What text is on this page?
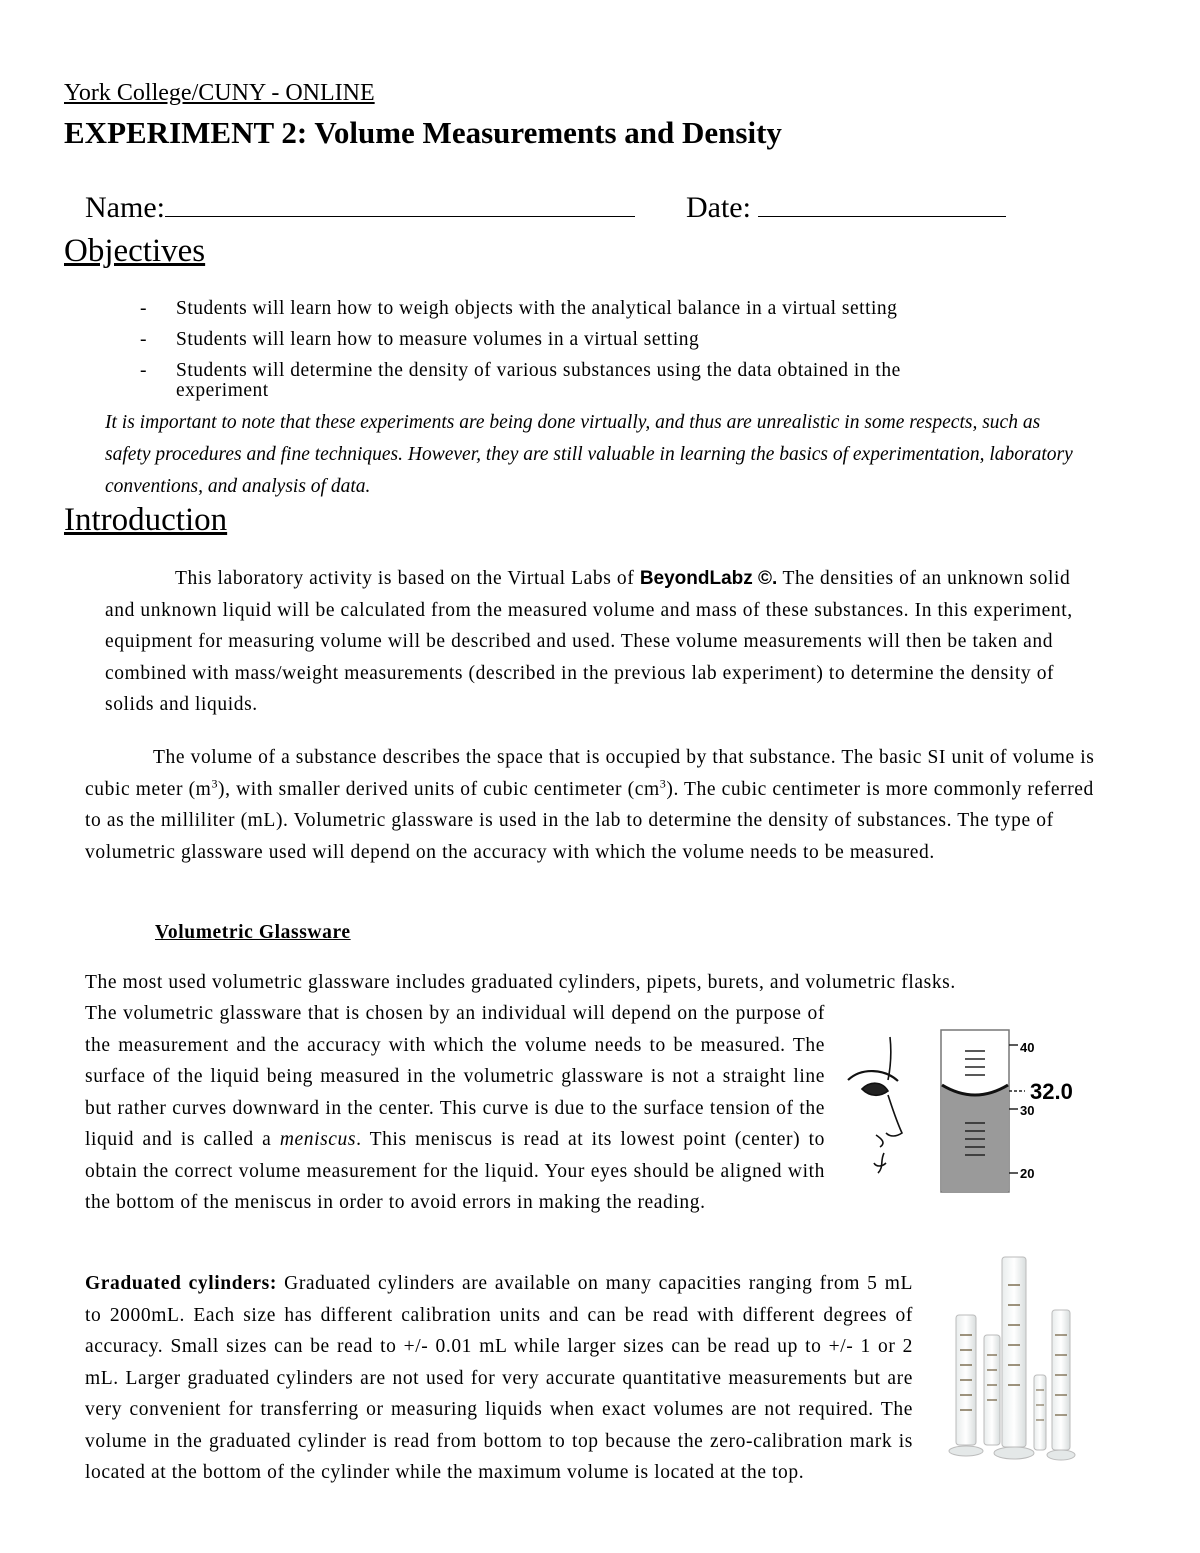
York College/CUNY - ONLINE
EXPERIMENT 2: Volume Measurements and Density
Name:	Date:
Objectives
- Students will learn how to weigh objects with the analytical balance in a virtual setting
- Students will learn how to measure volumes in a virtual setting
- Students will determine the density of various substances using the data obtained in the
experiment
It is important to note that these experiments are being done virtually, and thus are unrealistic in some respects, such as safety procedures and fine techniques. However, they are still valuable in learning the basics of experimentation, laboratory conventions, and analysis of data.
Introduction
This laboratory activity is based on the Virtual Labs of BeyondLabz ©. The densities of an unknown solid and unknown liquid will be calculated from the measured volume and mass of these substances. In this experiment, equipment for measuring volume will be described and used. These volume measurements will then be taken and combined with mass/weight measurements (described in the previous lab experiment) to determine the density of solids and liquids.
The volume of a substance describes the space that is occupied by that substance. The basic SI unit of volume is cubic meter $(m^3)$, with smaller derived units of cubic centimeter $(cm^3)$. The cubic centimeter is more commonly referred to as the milliliter (mL). Volumetric glassware is used in the lab to determine the density of substances. The type of volumetric glassware used will depend on the accuracy with which the volume needs to be measured.
Volumetric Glassware
The most used volumetric glassware includes graduated cylinders, pipets, burets, and volumetric flasks.
The volumetric glassware that is chosen by an individual will depend on the purpose of the measurement and the accuracy with which the volume needs to be measured. The surface of the liquid being measured in the volumetric glassware is not a straight line but rather curves downward in the center. This curve is due to the surface tension of the liquid and is called a meniscus. This meniscus is read at its lowest point (center) to obtain the correct volume measurement for the liquid. Your eyes should be aligned with the bottom of the meniscus in order to avoid errors in making the reading.
40
30
20
32.0
Graduated cylinders: Graduated cylinders are available on many capacities ranging from 5 mL to 2000mL. Each size has different calibration units and can be read with different degrees of accuracy. Small sizes can be read to +/- 0.01 mL while larger sizes can be read up to +/- 1 or 2 mL. Larger graduated cylinders are not used for very accurate quantitative measurements but are very convenient for transferring or measuring liquids when exact volumes are not required. The volume in the graduated cylinder is read from bottom to top because the zero-calibration mark is located at the bottom of the cylinder while the maximum volume is located at the top.
